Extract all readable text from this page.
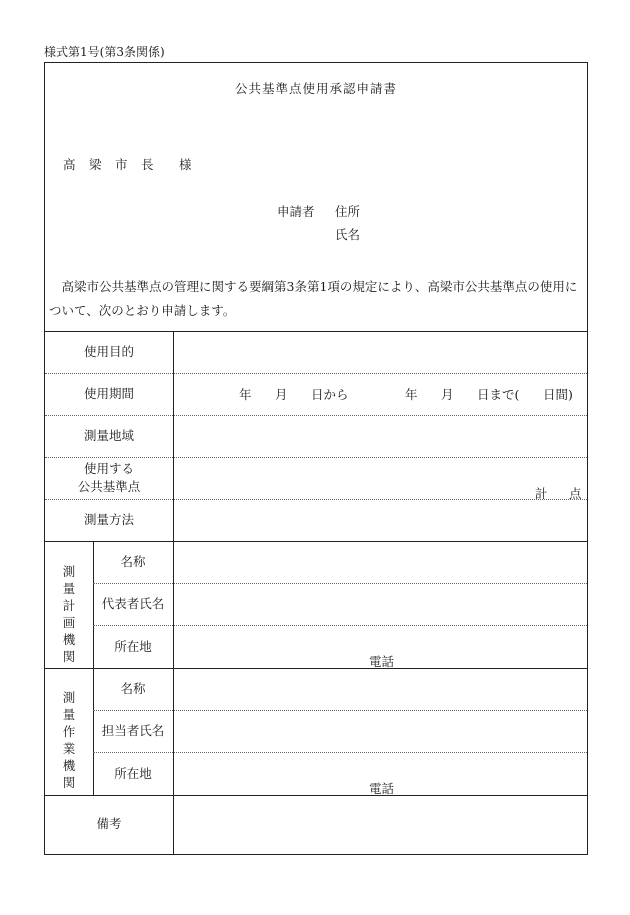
様式第1号(第3条関係)
公共基準点使用承認申請書
高 梁 市 長 様
申請者 住所
氏名
高梁市公共基準点の管理に関する要綱第3条第1項の規定により、高梁市公共基準点の使用について、次のとおり申請します。
使用目的
使用期間
測量地域
使用する
公共基準点
測量方法
備考
年 月 日から	年 月 日まで( 日間)
計 点
測量計画機関
名称
代表者氏名
所在地
電話
測量作業機関
名称
担当者氏名
所在地
電話
